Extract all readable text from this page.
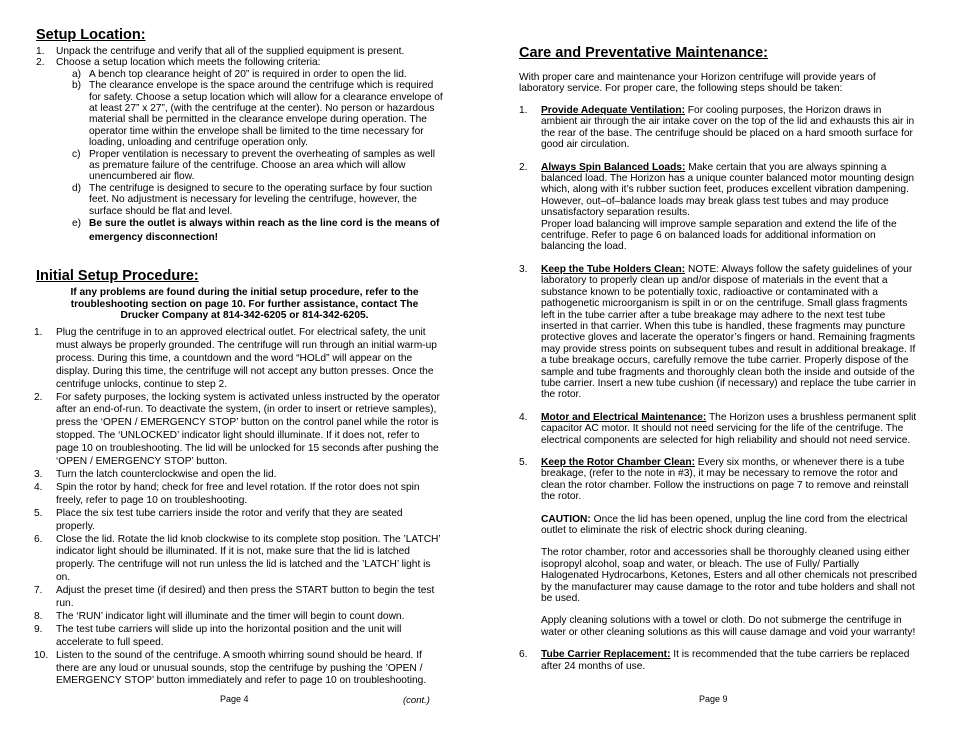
Setup Location:
1. Unpack the centrifuge and verify that all of the supplied equipment is present.
2. Choose a setup location which meets the following criteria:
a) A bench top clearance height of 20” is required in order to open the lid.
b) The clearance envelope is the space around the centrifuge which is required for safety. Choose a setup location which will allow for a clearance envelope of at least 27” x 27”, (with the centrifuge at the center). No person or hazardous material shall be permitted in the clearance envelope during operation. The operator time within the envelope shall be limited to the time necessary for loading, unloading and centrifuge operation only.
c) Proper ventilation is necessary to prevent the overheating of samples as well as premature failure of the centrifuge. Choose an area which will allow unencumbered air flow.
d) The centrifuge is designed to secure to the operating surface by four suction feet. No adjustment is necessary for leveling the centrifuge, however, the surface should be flat and level.
e) Be sure the outlet is always within reach as the line cord is the means of emergency disconnection!
Initial Setup Procedure:
If any problems are found during the initial setup procedure, refer to the troubleshooting section on page 10. For further assistance, contact The Drucker Company at 814-342-6205 or 814-342-6205.
1. Plug the centrifuge in to an approved electrical outlet. For electrical safety, the unit must always be properly grounded. The centrifuge will run through an initial warm-up process. During this time, a countdown and the word “HOLd” will appear on the display. During this time, the centrifuge will not accept any button presses. Once the centrifuge unlocks, continue to step 2.
2. For safety purposes, the locking system is activated unless instructed by the operator after an end-of-run. To deactivate the system, (in order to insert or retrieve samples), press the ‘OPEN / EMERGENCY STOP’ button on the control panel while the rotor is stopped. The ‘UNLOCKED’ indicator light should illuminate. If it does not, refer to page 10 on troubleshooting. The lid will be unlocked for 15 seconds after pushing the ‘OPEN / EMERGENCY STOP’ button.
3. Turn the latch counterclockwise and open the lid.
4. Spin the rotor by hand; check for free and level rotation. If the rotor does not spin freely, refer to page 10 on troubleshooting.
5. Place the six test tube carriers inside the rotor and verify that they are seated properly.
6. Close the lid. Rotate the lid knob clockwise to its complete stop position. The ’LATCH’ indicator light should be illuminated. If it is not, make sure that the lid is latched properly. The centrifuge will not run unless the lid is latched and the ’LATCH’ light is on.
7. Adjust the preset time (if desired) and then press the START button to begin the test run.
8. The ‘RUN’ indicator light will illuminate and the timer will begin to count down.
9. The test tube carriers will slide up into the horizontal position and the unit will accelerate to full speed.
10. Listen to the sound of the centrifuge. A smooth whirring sound should be heard. If there are any loud or unusual sounds, stop the centrifuge by pushing the ’OPEN / EMERGENCY STOP’ button immediately and refer to page 10 on troubleshooting.
Page 4	(cont.)
Care and Preventative Maintenance:

With proper care and maintenance your Horizon centrifuge will provide years of laboratory service. For proper care, the following steps should be taken:

1. Provide Adequate Ventilation: For cooling purposes, the Horizon draws in ambient air through the air intake cover on the top of the lid and exhausts this air in the rear of the base. The centrifuge should be placed on a hard smooth surface for good air circulation.
2. Always Spin Balanced Loads: Make certain that you are always spinning a balanced load. The Horizon has a unique counter balanced motor mounting design which, along with it’s rubber suction feet, produces excellent vibration dampening. However, out–of–balance loads may break glass test tubes and may produce unsatisfactory separation results.
Proper load balancing will improve sample separation and extend the life of the centrifuge. Refer to page 6 on balanced loads for additional information on balancing the load.
3. Keep the Tube Holders Clean: NOTE: Always follow the safety guidelines of your laboratory to properly clean up and/or dispose of materials in the event that a substance known to be potentially toxic, radioactive or contaminated with a pathogenetic microorganism is spilt in or on the centrifuge. Small glass fragments left in the tube carrier after a tube breakage may adhere to the next test tube inserted in that carrier. When this tube is handled, these fragments may puncture protective gloves and lacerate the operator’s fingers or hand. Remaining fragments may provide stress points on subsequent tubes and result in additional breakage. If a tube breakage occurs, carefully remove the tube carrier. Properly dispose of the sample and tube fragments and thoroughly clean both the inside and outside of the tube carrier. Insert a new tube cushion (if necessary) and replace the tube carrier in the rotor.
4. Motor and Electrical Maintenance: The Horizon uses a brushless permanent split capacitor AC motor. It should not need servicing for the life of the centrifuge. The electrical components are selected for high reliability and should not need service.
5. Keep the Rotor Chamber Clean: Every six months, or whenever there is a tube breakage, (refer to the note in #3), it may be necessary to remove the rotor and clean the rotor chamber. Follow the instructions on page 7 to remove and reinstall the rotor.
CAUTION: Once the lid has been opened, unplug the line cord from the electrical outlet to eliminate the risk of electric shock during cleaning.
The rotor chamber, rotor and accessories shall be thoroughly cleaned using either isopropyl alcohol, soap and water, or bleach. The use of Fully/ Partially Halogenated Hydrocarbons, Ketones, Esters and all other chemicals not prescribed by the manufacturer may cause damage to the rotor and tube holders and shall not be used.
Apply cleaning solutions with a towel or cloth. Do not submerge the centrifuge in water or other cleaning solutions as this will cause damage and void your warranty!
6. Tube Carrier Replacement: It is recommended that the tube carriers be replaced after 24 months of use.
Page 9
